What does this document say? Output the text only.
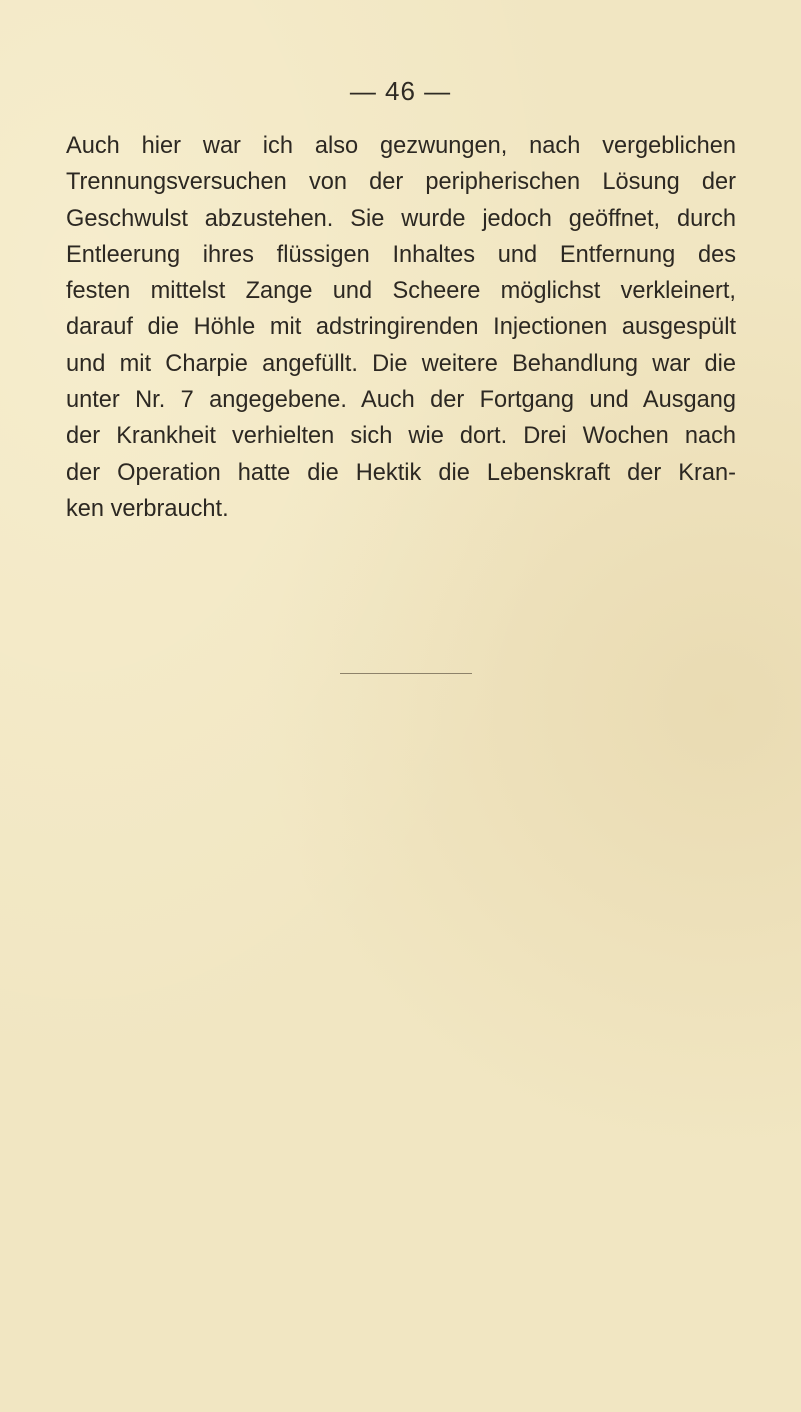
— 46 —
Auch hier war ich also gezwungen, nach vergeblichen
Trennungsversuchen von der peripherischen Lösung der
Geschwulst abzustehen. Sie wurde jedoch geöffnet, durch
Entleerung ihres flüssigen Inhaltes und Entfernung des
festen mittelst Zange und Scheere möglichst verkleinert,
darauf die Höhle mit adstringirenden Injectionen ausgespült
und mit Charpie angefüllt. Die weitere Behandlung war die
unter Nr. 7 angegebene. Auch der Fortgang und Ausgang
der Krankheit verhielten sich wie dort. Drei Wochen nach
der Operation hatte die Hektik die Lebenskraft der Kran-
ken verbraucht.
